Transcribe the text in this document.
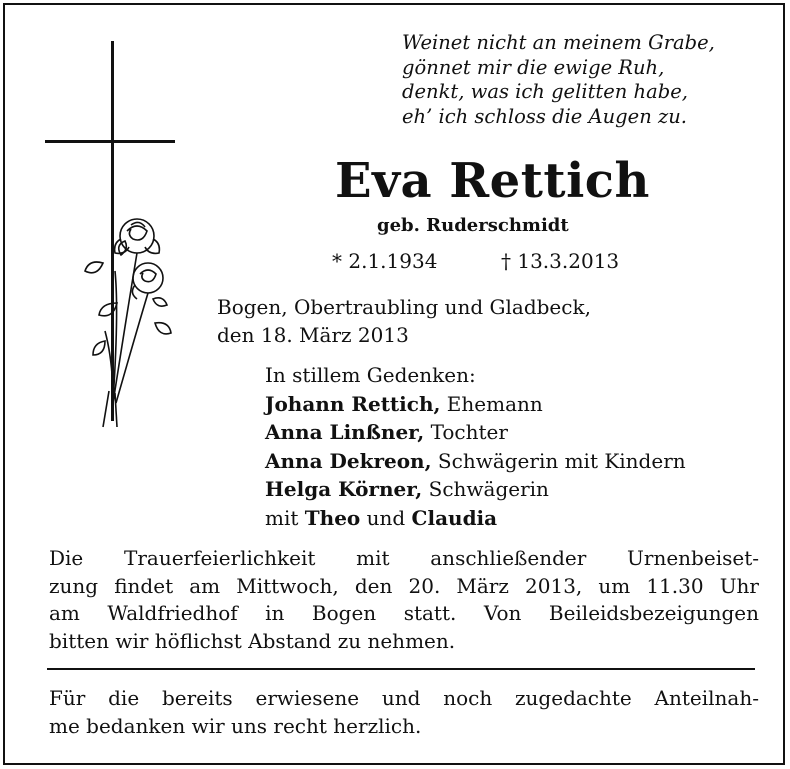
Weinet nicht an meinem Grabe,
gönnet mir die ewige Ruh,
denkt, was ich gelitten habe,
eh’ ich schloss die Augen zu.
Eva Rettich
geb. Ruderschmidt
* 2.1.1934	† 13.3.2013
Bogen, Obertraubling und Gladbeck,
den 18. März 2013
In stillem Gedenken:
Johann Rettich, Ehemann
Anna Linßner, Tochter
Anna Dekreon, Schwägerin mit Kindern
Helga Körner, Schwägerin
mit Theo und Claudia
Die Trauerfeierlichkeit mit anschließender Urnenbeiset-
zung findet am Mittwoch, den 20. März 2013, um 11.30 Uhr
am Waldfriedhof in Bogen statt. Von Beileidsbezeigungen
bitten wir höflichst Abstand zu nehmen.
Für die bereits erwiesene und noch zugedachte Anteilnah-
me bedanken wir uns recht herzlich.
